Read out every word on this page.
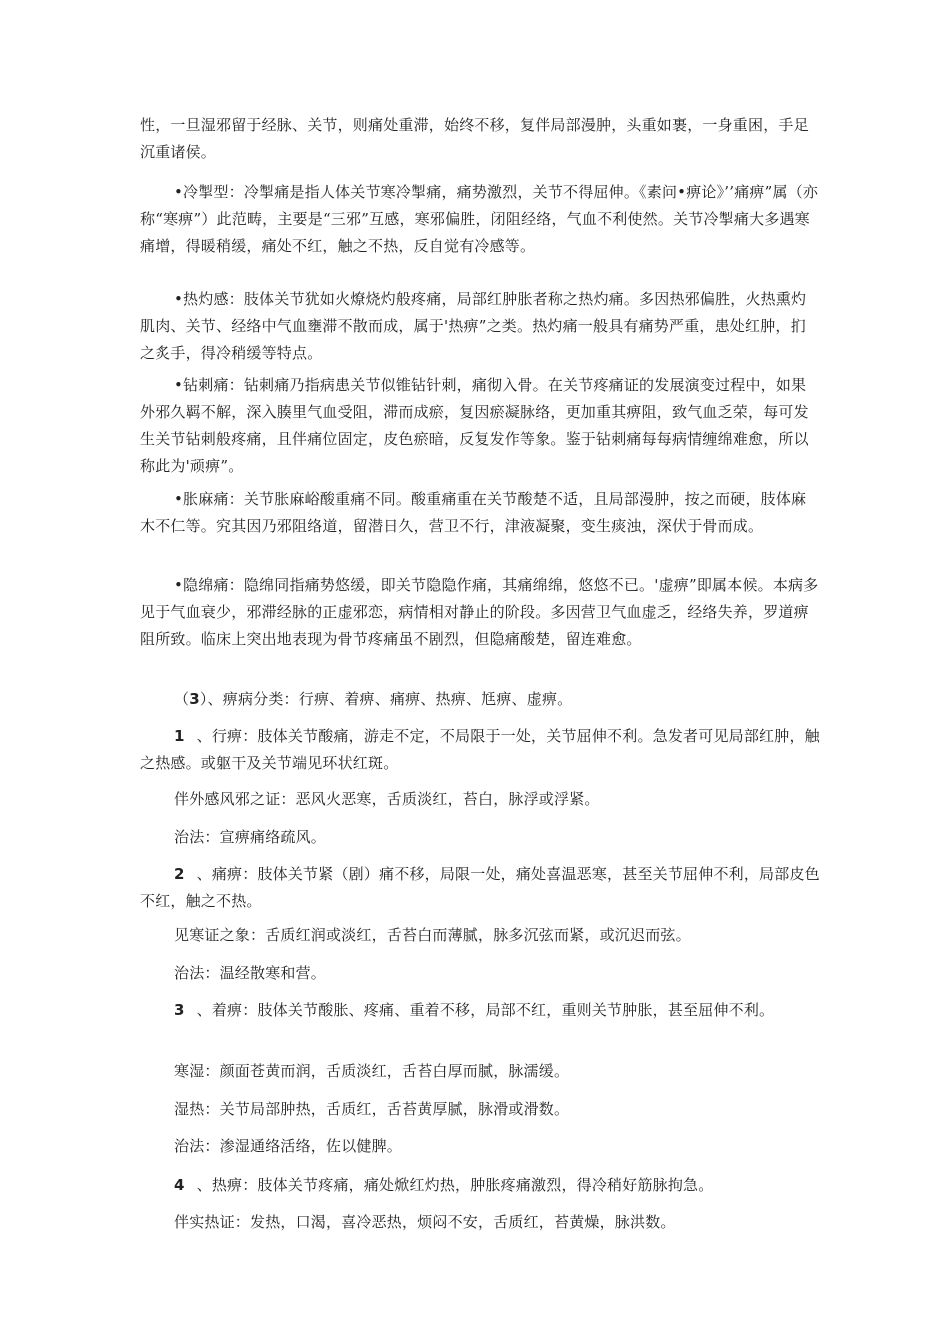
性，一旦湿邪留于经脉、关节，则痛处重滞，始终不移，复伴局部漫肿，头重如裹，一身重困，手足沉重诸侯。

•冷掣型：冷掣痛是指人体关节寒冷掣痛，痛势激烈，关节不得屈伸。《素问•痹论》’’痛痹”属（亦称“寒痹”）此范畴，主要是“三邪”互感，寒邪偏胜，闭阻经络，气血不利使然。关节冷掣痛大多遇寒痛增，得暖稍缓，痛处不红，触之不热，反自觉有冷感等。

•热灼感：肢体关节犹如火燎烧灼般疼痛，局部红肿胀者称之热灼痛。多因热邪偏胜，火热熏灼肌肉、关节、经络中气血壅滞不散而成，属于'热痹”之类。热灼痛一般具有痛势严重，患处红肿，扪之炙手，得冷稍缓等特点。

•钻刺痛：钻刺痛乃指病患关节似锥钻针刺，痛彻入骨。在关节疼痛证的发展演变过程中，如果外邪久羁不解，深入腠里气血受阻，滞而成瘀，复因瘀凝脉络，更加重其痹阻，致气血乏荣，每可发生关节钻刺般疼痛，且伴痛位固定，皮色瘀暗，反复发作等象。鉴于钻刺痛每每病情缠绵难愈，所以称此为'顽痹”。

•胀麻痛：关节胀麻峪酸重痛不同。酸重痛重在关节酸楚不适，且局部漫肿，按之而硬，肢体麻木不仁等。究其因乃邪阻络道，留潜日久，营卫不行，津液凝聚，变生痰浊，深伏于骨而成。

•隐绵痛：隐绵同指痛势悠缓，即关节隐隐作痛，其痛绵绵，悠悠不已。'虚痹”即属本候。本病多见于气血衰少，邪滞经脉的正虚邪恋，病情相对静止的阶段。多因营卫气血虚乏，经络失养，罗道痹阻所致。临床上突出地表现为骨节疼痛虽不剧烈，但隐痛酸楚，留连难愈。

（3）、痹病分类：行痹、着痹、痛痹、热痹、尪痹、虚痹。

1 、行痹：肢体关节酸痛，游走不定，不局限于一处，关节屈伸不利。急发者可见局部红肿，触之热感。或躯干及关节端见环状红斑。

伴外感风邪之证：恶风火恶寒，舌质淡红，苔白，脉浮或浮紧。

治法：宣痹痛络疏风。

2 、痛痹：肢体关节紧（剧）痛不移，局限一处，痛处喜温恶寒，甚至关节屈伸不利，局部皮色不红，触之不热。

见寒证之象：舌质红润或淡红，舌苔白而薄腻，脉多沉弦而紧，或沉迟而弦。

治法：温经散寒和营。

3 、着痹：肢体关节酸胀、疼痛、重着不移，局部不红，重则关节肿胀，甚至屈伸不利。

寒湿：颜面苍黄而润，舌质淡红，舌苔白厚而腻，脉濡缓。

湿热：关节局部肿热，舌质红，舌苔黄厚腻，脉滑或滑数。

治法：渗湿通络活络，佐以健脾。

4 、热痹：肢体关节疼痛，痛处焮红灼热，肿胀疼痛激烈，得冷稍好筋脉拘急。

伴实热证：发热，口渴，喜冷恶热，烦闷不安，舌质红，苔黄燥，脉洪数。
